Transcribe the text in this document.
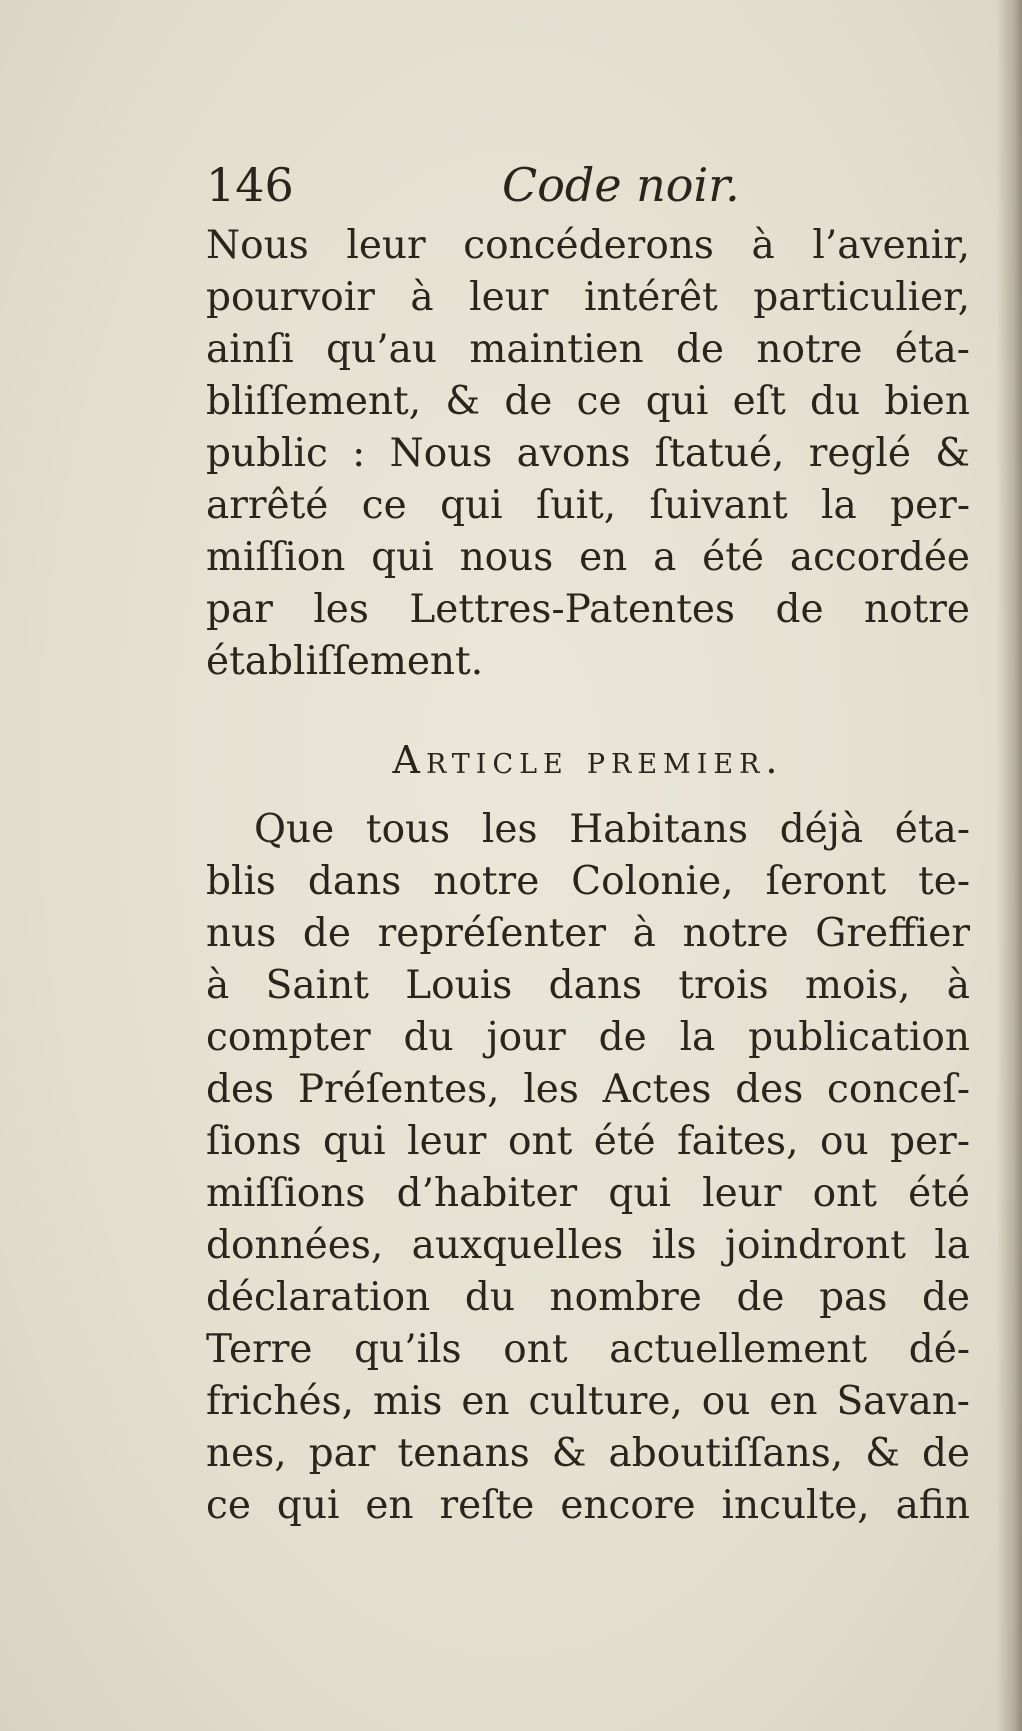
146	Code noir.
Nous leur concéderons à l’avenir,
pourvoir à leur intérêt particulier,
ainſi qu’au maintien de notre éta-
bliſſement, & de ce qui eſt du bien
public : Nous avons ſtatué, reglé &
arrêté ce qui ſuit, ſuivant la per-
miſſion qui nous en a été accordée
par les Lettres-Patentes de notre
établiſſement.
Article premier.
Que tous les Habitans déjà éta-
blis dans notre Colonie, ſeront te-
nus de repréſenter à notre Greffier
à Saint Louis dans trois mois, à
compter du jour de la publication
des Préſentes, les Actes des conceſ-
ſions qui leur ont été faites, ou per-
miſſions d’habiter qui leur ont été
données, auxquelles ils joindront la
déclaration du nombre de pas de
Terre qu’ils ont actuellement dé-
frichés, mis en culture, ou en Savan-
nes, par tenans & aboutiſſans, & de
ce qui en reſte encore inculte, afin
